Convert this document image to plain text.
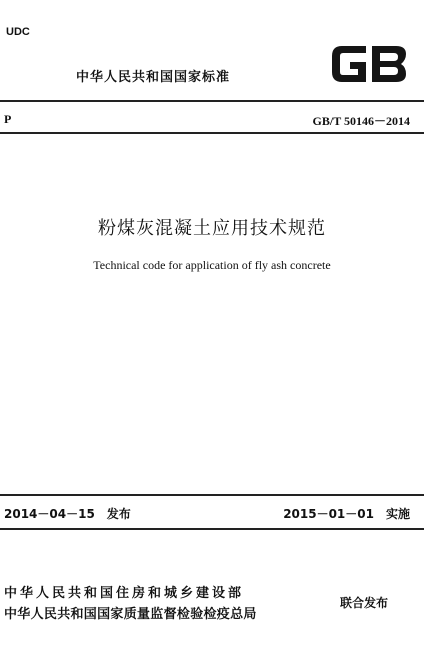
UDC
中华人民共和国国家标准
P	GB/T 50146－2014
粉煤灰混凝土应用技术规范
Technical code for application of fly ash concrete
2014－04－15　发布	2015－01－01　实施
中华人民共和国住房和城乡建设部
中华人民共和国国家质量监督检验检疫总局
联合发布
